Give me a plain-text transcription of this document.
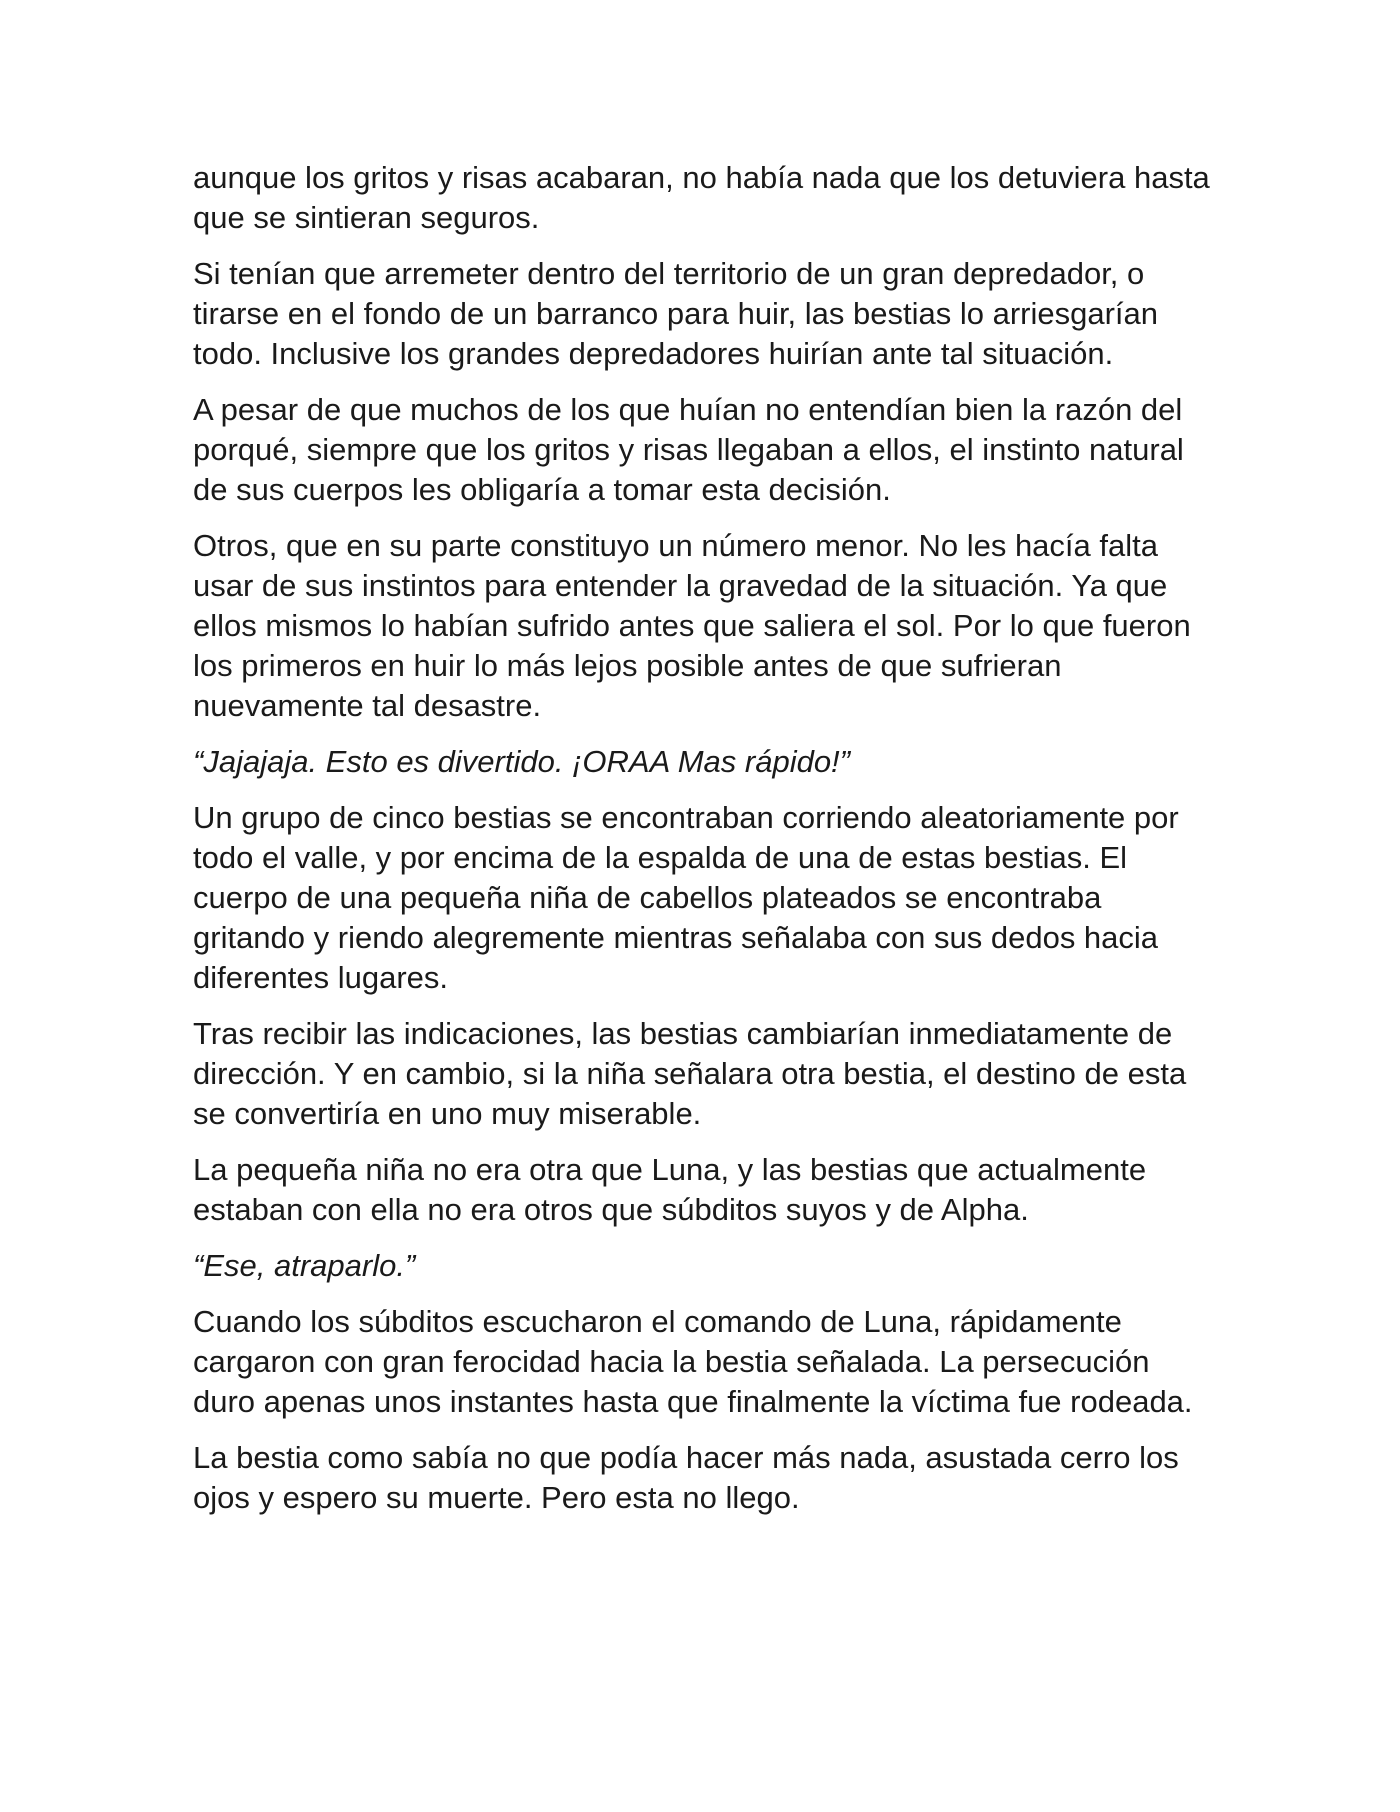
aunque los gritos y risas acabaran, no había nada que los detuviera hasta que se sintieran seguros.

Si tenían que arremeter dentro del territorio de un gran depredador, o tirarse en el fondo de un barranco para huir, las bestias lo arriesgarían todo. Inclusive los grandes depredadores huirían ante tal situación.

A pesar de que muchos de los que huían no entendían bien la razón del porqué, siempre que los gritos y risas llegaban a ellos, el instinto natural de sus cuerpos les obligaría a tomar esta decisión.

Otros, que en su parte constituyo un número menor. No les hacía falta usar de sus instintos para entender la gravedad de la situación. Ya que ellos mismos lo habían sufrido antes que saliera el sol. Por lo que fueron los primeros en huir lo más lejos posible antes de que sufrieran nuevamente tal desastre.

“Jajajaja. Esto es divertido. ¡ORAA Mas rápido!”

Un grupo de cinco bestias se encontraban corriendo aleatoriamente por todo el valle, y por encima de la espalda de una de estas bestias. El cuerpo de una pequeña niña de cabellos plateados se encontraba gritando y riendo alegremente mientras señalaba con sus dedos hacia diferentes lugares.

Tras recibir las indicaciones, las bestias cambiarían inmediatamente de dirección. Y en cambio, si la niña señalara otra bestia, el destino de esta se convertiría en uno muy miserable.

La pequeña niña no era otra que Luna, y las bestias que actualmente estaban con ella no era otros que súbditos suyos y de Alpha.

“Ese, atraparlo.”

Cuando los súbditos escucharon el comando de Luna, rápidamente cargaron con gran ferocidad hacia la bestia señalada. La persecución duro apenas unos instantes hasta que finalmente la víctima fue rodeada.

La bestia como sabía no que podía hacer más nada, asustada cerro los ojos y espero su muerte. Pero esta no llego.
